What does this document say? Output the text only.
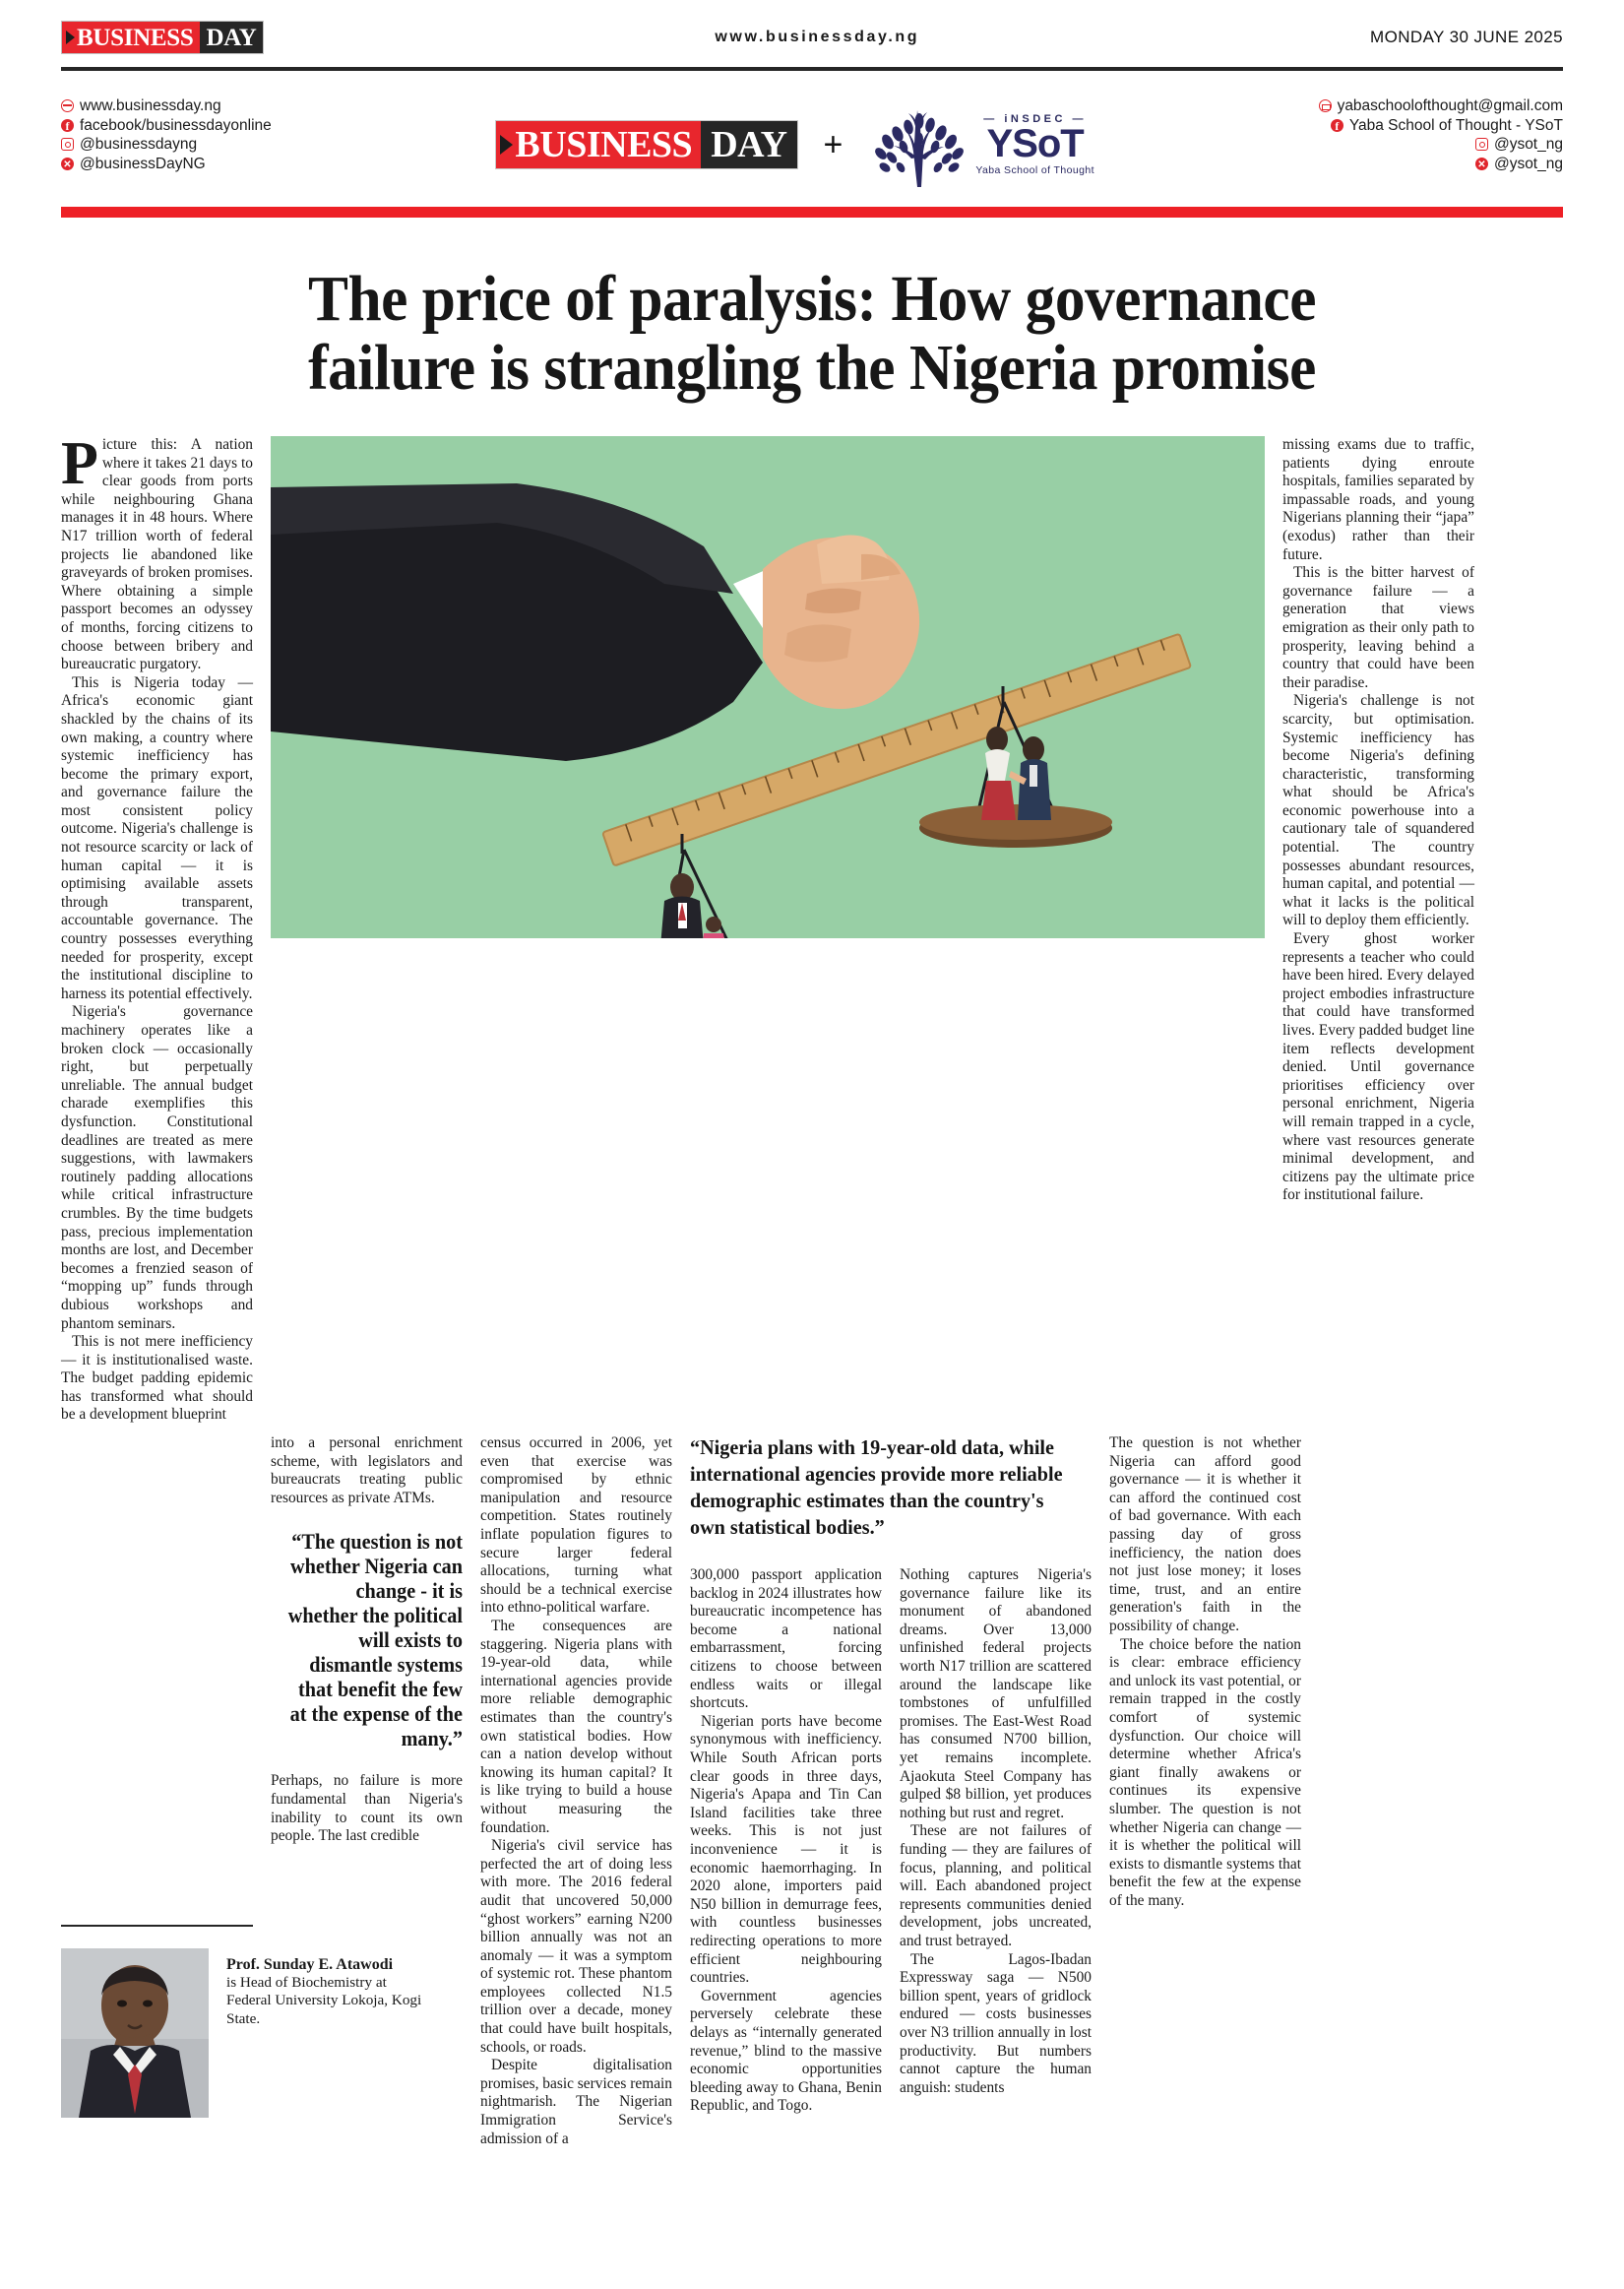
BUSINESS DAY	www.businessday.ng	MONDAY 30 JUNE 2025
www.businessday.ng
f
facebook/businessdayonline
@businessdayng
✕
@businessDayNG	BUSINESS DAY +
— iNSDEC —
YSoT
Yaba School of Thought
yabaschoolofthought@gmail.com
f
Yaba School of Thought - YSoT
@ysot_ng
✕
@ysot_ng
The price of paralysis: How governance
failure is strangling the Nigeria promise

Picture this: A nation where it takes 21 days to clear goods from ports while neighbouring Ghana manages it in 48 hours. Where N17 trillion worth of federal projects lie abandoned like graveyards of broken promises. Where obtaining a simple passport becomes an odyssey of months, forcing citizens to choose between bribery and bureaucratic purgatory.

This is Nigeria today — Africa's economic giant shackled by the chains of its own making, a country where systemic inefficiency has become the primary export, and governance failure the most consistent policy outcome. Nigeria's challenge is not resource scarcity or lack of human capital — it is optimising available assets through transparent, accountable governance. The country possesses everything needed for prosperity, except the institutional discipline to harness its potential effectively.

Nigeria's governance machinery operates like a broken clock — occasionally right, but perpetually unreliable. The annual budget charade exemplifies this dysfunction. Constitutional deadlines are treated as mere suggestions, with lawmakers routinely padding allocations while critical infrastructure crumbles. By the time budgets pass, precious implementation months are lost, and December becomes a frenzied season of “mopping up” funds through dubious workshops and phantom seminars.

This is not mere inefficiency — it is institutionalised waste. The budget padding epidemic has transformed what should be a development blueprint

missing exams due to traffic, patients dying enroute hospitals, families separated by impassable roads, and young Nigerians planning their “japa” (exodus) rather than their future.

This is the bitter harvest of governance failure — a generation that views emigration as their only path to prosperity, leaving behind a country that could have been their paradise.

Nigeria's challenge is not scarcity, but optimisation. Systemic inefficiency has become Nigeria's defining characteristic, transforming what should be Africa's economic powerhouse into a cautionary tale of squandered potential. The country possesses abundant resources, human capital, and potential — what it lacks is the political will to deploy them efficiently.

Every ghost worker represents a teacher who could have been hired. Every delayed project embodies infrastructure that could have transformed lives. Every padded budget line item reflects development denied. Until governance prioritises efficiency over personal enrichment, Nigeria will remain trapped in a cycle, where vast resources generate minimal development, and citizens pay the ultimate price for institutional failure.

into a personal enrichment scheme, with legislators and bureaucrats treating public resources as private ATMs.

“The question is not whether Nigeria can change - it is whether the political will exists to dismantle systems that benefit the few at the expense of the many.”

Perhaps, no failure is more fundamental than Nigeria's inability to count its own people. The last credible

census occurred in 2006, yet even that exercise was compromised by ethnic manipulation and resource competition. States routinely inflate population figures to secure larger federal allocations, turning what should be a technical exercise into ethno-political warfare.

The consequences are staggering. Nigeria plans with 19-year-old data, while international agencies provide more reliable demographic estimates than the country's own statistical bodies. How can a nation develop without knowing its human capital? It is like trying to build a house without measuring the foundation.

Nigeria's civil service has perfected the art of doing less with more. The 2016 federal audit that uncovered 50,000 “ghost workers” earning N200 billion annually was not an anomaly — it was a symptom of systemic rot. These phantom employees collected N1.5 trillion over a decade, money that could have built hospitals, schools, or roads.

Despite digitalisation promises, basic services remain nightmarish. The Nigerian Immigration Service's admission of a

“Nigeria plans with 19-year-old data, while international agencies provide more reliable demographic estimates than the country's own statistical bodies.”

300,000 passport application backlog in 2024 illustrates how bureaucratic incompetence has become a national embarrassment, forcing citizens to choose between endless waits or illegal shortcuts.

Nigerian ports have become synonymous with inefficiency. While South African ports clear goods in three days, Nigeria's Apapa and Tin Can Island facilities take three weeks. This is not just inconvenience — it is economic haemorrhaging. In 2020 alone, importers paid N50 billion in demurrage fees, with countless businesses redirecting operations to more efficient neighbouring countries.

Government agencies perversely celebrate these delays as “internally generated revenue,” blind to the massive economic opportunities bleeding away to Ghana, Benin Republic, and Togo.

Nothing captures Nigeria's governance failure like its monument of abandoned dreams. Over 13,000 unfinished federal projects worth N17 trillion are scattered around the landscape like tombstones of unfulfilled promises. The East-West Road has consumed N700 billion, yet remains incomplete. Ajaokuta Steel Company has gulped $8 billion, yet produces nothing but rust and regret.

These are not failures of funding — they are failures of focus, planning, and political will. Each abandoned project represents communities denied development, jobs uncreated, and trust betrayed.

The Lagos-Ibadan Expressway saga — N500 billion spent, years of gridlock endured — costs businesses over N3 trillion annually in lost productivity. But numbers cannot capture the human anguish: students

The question is not whether Nigeria can afford good governance — it is whether it can afford the continued cost of bad governance. With each passing day of gross inefficiency, the nation does not just lose money; it loses time, trust, and an entire generation's faith in the possibility of change.

The choice before the nation is clear: embrace efficiency and unlock its vast potential, or remain trapped in the costly comfort of systemic dysfunction. Our choice will determine whether Africa's giant finally awakens or continues its expensive slumber. The question is not whether Nigeria can change — it is whether the political will exists to dismantle systems that benefit the few at the expense of the many.

Prof. Sunday E. Atawodi
is Head of Biochemistry at Federal University Lokoja, Kogi State.
